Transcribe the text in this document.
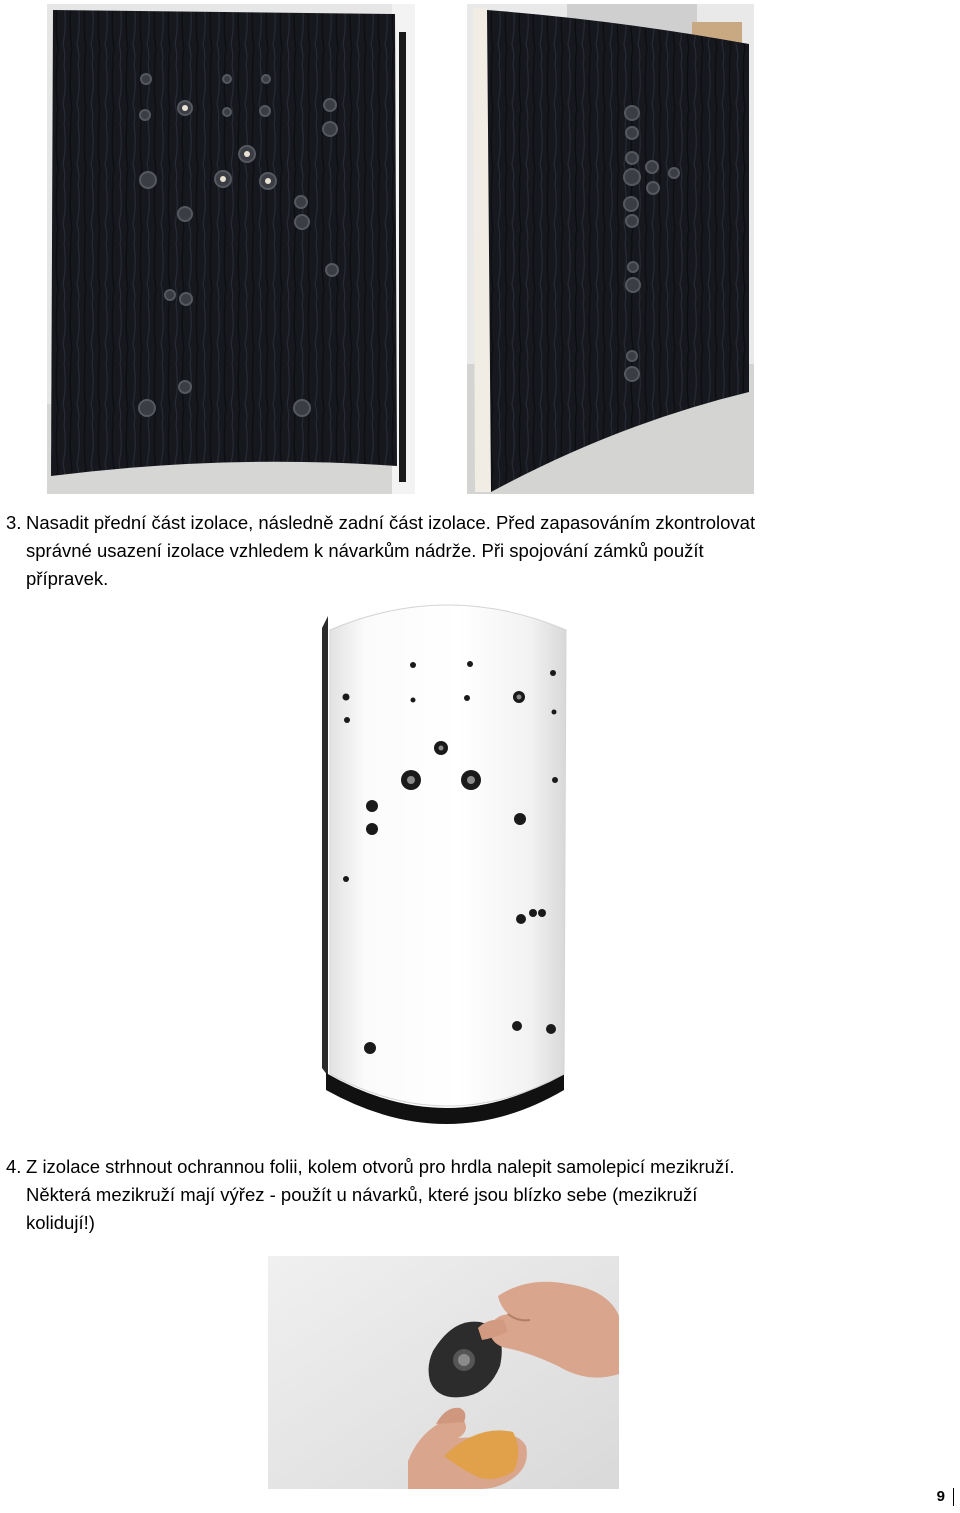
3. Nasadit přední část izolace, následně zadní část izolace. Před zapasováním zkontrolovat
správné usazení izolace vzhledem k návarkům nádrže. Při spojování zámků použít
přípravek.
4. Z izolace strhnout ochrannou folii, kolem otvorů pro hrdla nalepit samolepicí mezikruží.
Některá mezikruží mají výřez - použít u návarků, které jsou blízko sebe (mezikruží
kolidují!)
9
